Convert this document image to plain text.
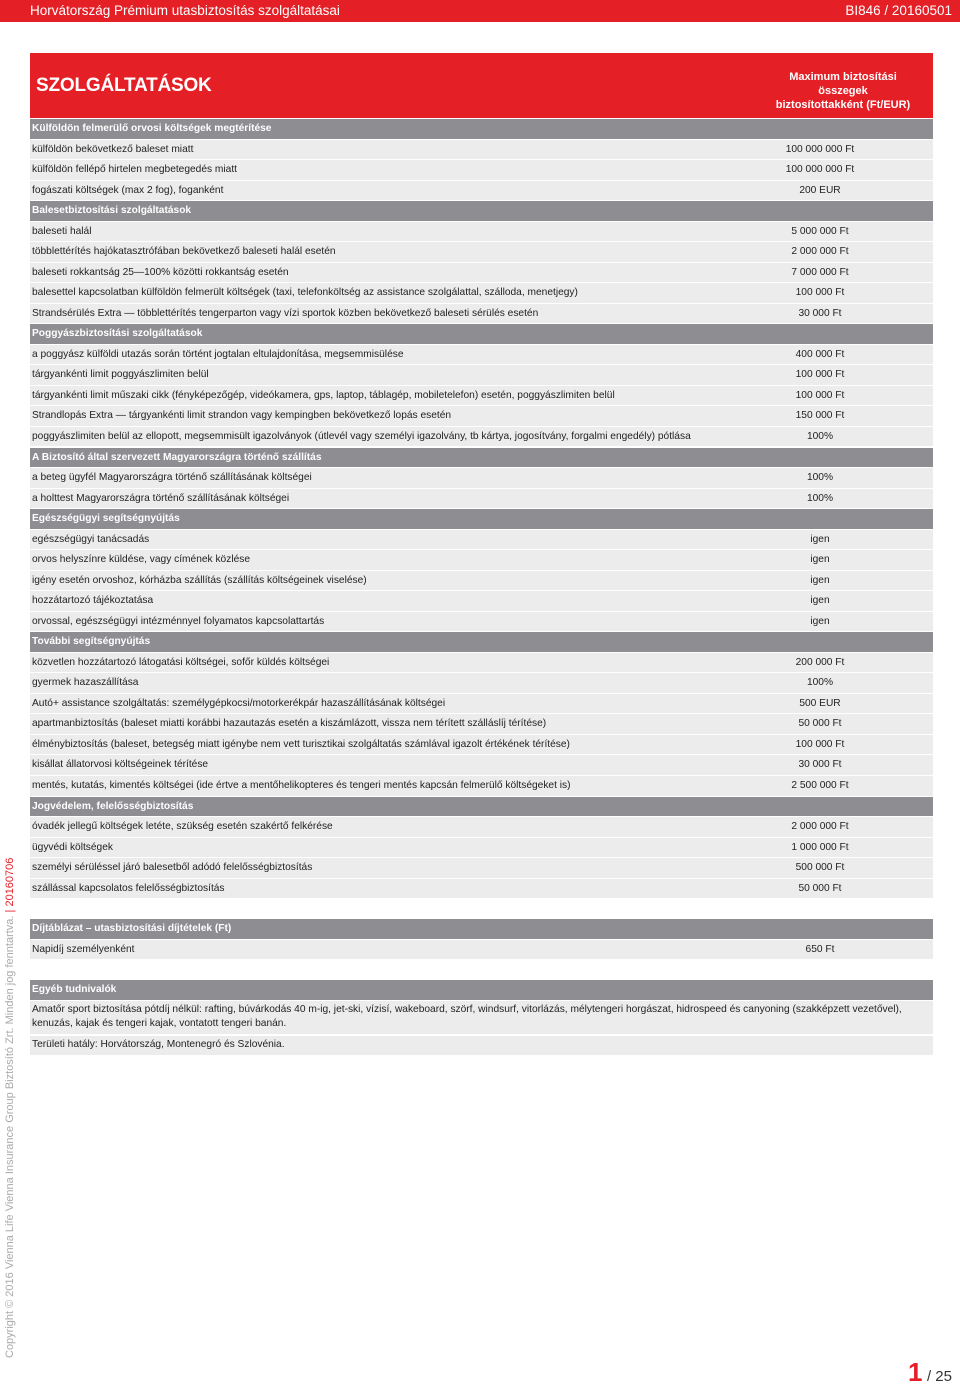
Horvátország Prémium utasbiztosítás szolgáltatásai	BI846 / 20160501
SZOLGÁLTATÁSOK	Maximum biztosítási összegek
biztosítottakként (Ft/EUR)
Külföldön felmerülő orvosi költségek megtérítése
külföldön bekövetkező baleset miatt	100 000 000 Ft
külföldön fellépő hirtelen megbetegedés miatt	100 000 000 Ft
fogászati költségek (max 2 fog), foganként	200 EUR
Balesetbiztosítási szolgáltatások
baleseti halál	5 000 000 Ft
többlettérítés hajókatasztrófában bekövetkező baleseti halál esetén	2 000 000 Ft
baleseti rokkantság 25—100% közötti rokkantság esetén	7 000 000 Ft
balesettel kapcsolatban külföldön felmerült költségek (taxi, telefonköltség az assistance szolgálattal, szálloda, menetjegy)	100 000 Ft
Strandsérülés Extra — többlettérítés tengerparton vagy vízi sportok közben bekövetkező baleseti sérülés esetén	30 000 Ft
Poggyászbiztosítási szolgáltatások
a poggyász külföldi utazás során történt jogtalan eltulajdonítása, megsemmisülése	400 000 Ft
tárgyankénti limit poggyászlimiten belül	100 000 Ft
tárgyankénti limit műszaki cikk (fényképezőgép, videókamera, gps, laptop, táblagép, mobiletelefon) esetén, poggyászlimiten belül	100 000 Ft
Strandlopás Extra — tárgyankénti limit strandon vagy kempingben bekövetkező lopás esetén	150 000 Ft
poggyászlimiten belül az ellopott, megsemmisült igazolványok (útlevél vagy személyi igazolvány, tb kártya, jogosítvány, forgalmi engedély) pótlása	100%
A Biztosító által szervezett Magyarországra történő szállítás
a beteg ügyfél Magyarországra történő szállításának költségei	100%
a holttest Magyarországra történő szállításának költségei	100%
Egészségügyi segítségnyújtás
egészségügyi tanácsadás	igen
orvos helyszínre küldése, vagy címének közlése	igen
igény esetén orvoshoz, kórházba szállítás (szállítás költségeinek viselése)	igen
hozzátartozó tájékoztatása	igen
orvossal, egészségügyi intézménnyel folyamatos kapcsolattartás	igen
További segítségnyújtás
közvetlen hozzátartozó látogatási költségei, sofőr küldés költségei	200 000 Ft
gyermek hazaszállítása	100%
Autó+ assistance szolgáltatás: személygépkocsi/motorkerékpár hazaszállításának költségei	500 EUR
apartmanbiztosítás (baleset miatti korábbi hazautazás esetén a kiszámlázott, vissza nem térített szálláslíj térítése)	50 000 Ft
élménybiztosítás (baleset, betegség miatt igénybe nem vett turisztikai szolgáltatás számlával igazolt értékének térítése)	100 000 Ft
kisállat állatorvosi költségeinek térítése	30 000 Ft
mentés, kutatás, kimentés költségei (ide értve a mentőhelikopteres és tengeri mentés kapcsán felmerülő költségeket is)	2 500 000 Ft
Jogvédelem, felelősségbiztosítás
óvadék jellegű költségek letéte, szükség esetén szakértő felkérése	2 000 000 Ft
ügyvédi költségek	1 000 000 Ft
személyi sérüléssel járó balesetből adódó felelősségbiztosítás	500 000 Ft
szállással kapcsolatos felelősségbiztosítás	50 000 Ft
Díjtáblázat – utasbiztosítási díjtételek (Ft)
Napidíj személyenként	650 Ft
Egyéb tudnivalók
Amatőr sport biztosítása pótdíj nélkül: rafting, búvárkodás 40 m-ig, jet-ski, vízisí, wakeboard, szörf, windsurf, vitorlázás, mélytengeri horgászat, hidrospeed és canyoning (szakképzett vezetővel), kenuzás, kajak és tengeri kajak, vontatott tengeri banán.
Területi hatály: Horvátország, Montenegró és Szlovénia.
Copyright © 2016 Vienna Life Vienna Insurance Group Biztosító Zrt. Minden jog fenntartva. | 20160706
1 / 25
